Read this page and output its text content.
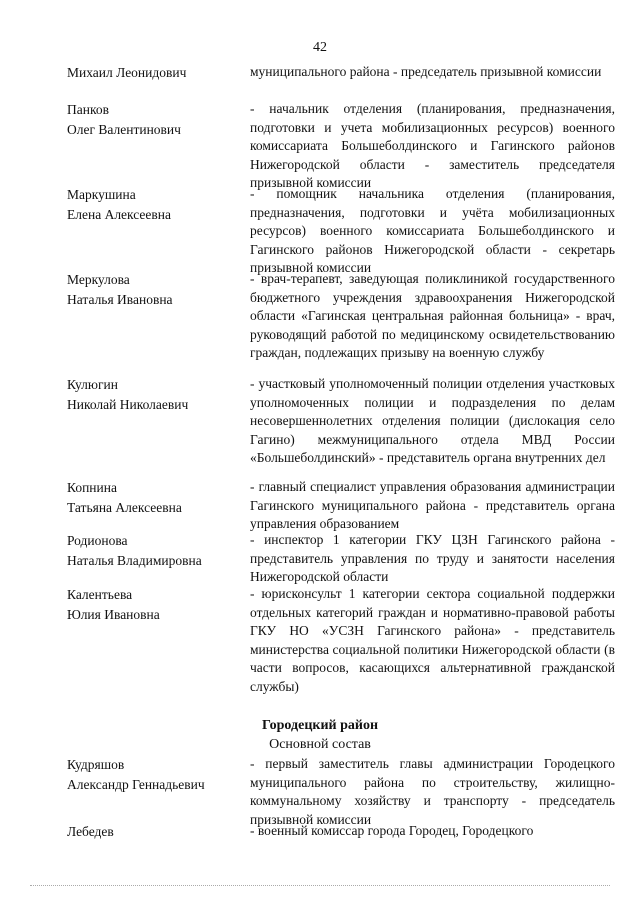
42
Михаил Леонидович	муниципального района - председатель призывной комиссии
Панков
Олег Валентинович
- начальник отделения (планирования, предназначения, подготовки и учета мобилизационных ресурсов) военного комиссариата Большеболдинского и Гагинского районов Нижегородской области - заместитель председателя призывной комиссии
Маркушина
Елена Алексеевна
- помощник начальника отделения (планирования, предназначения, подготовки и учёта мобилизационных ресурсов) военного комиссариата Большеболдинского и Гагинского районов Нижегородской области - секретарь призывной комиссии
Меркулова
Наталья Ивановна
- врач-терапевт, заведующая поликлиникой государственного бюджетного учреждения здравоохранения Нижегородской области «Гагинская центральная районная больница» - врач, руководящий работой по медицинскому освидетельствованию граждан, подлежащих призыву на военную службу
Кулюгин
Николай Николаевич
- участковый уполномоченный полиции отделения участковых уполномоченных полиции и подразделения по делам несовершеннолетних отделения полиции (дислокация село Гагино) межмуниципального отдела МВД России «Большеболдинский» - представитель органа внутренних дел
Копнина
Татьяна Алексеевна
- главный специалист управления образования администрации Гагинского муниципального района - представитель органа управления образованием
Родионова
Наталья Владимировна
- инспектор 1 категории ГКУ ЦЗН Гагинского района - представитель управления по труду и занятости населения Нижегородской области
Калентьева
Юлия Ивановна
- юрисконсульт 1 категории сектора социальной поддержки отдельных категорий граждан и нормативно-правовой работы ГКУ НО «УСЗН Гагинского района» - представитель министерства социальной политики Нижегородской области (в части вопросов, касающихся альтернативной гражданской службы)
Городецкий район
Основной состав
Кудряшов
Александр Геннадьевич
- первый заместитель главы администрации Городецкого муниципального района по строительству, жилищно-коммунальному хозяйству и транспорту - председатель призывной комиссии
Лебедев	- военный комиссар города Городец, Городецкого
